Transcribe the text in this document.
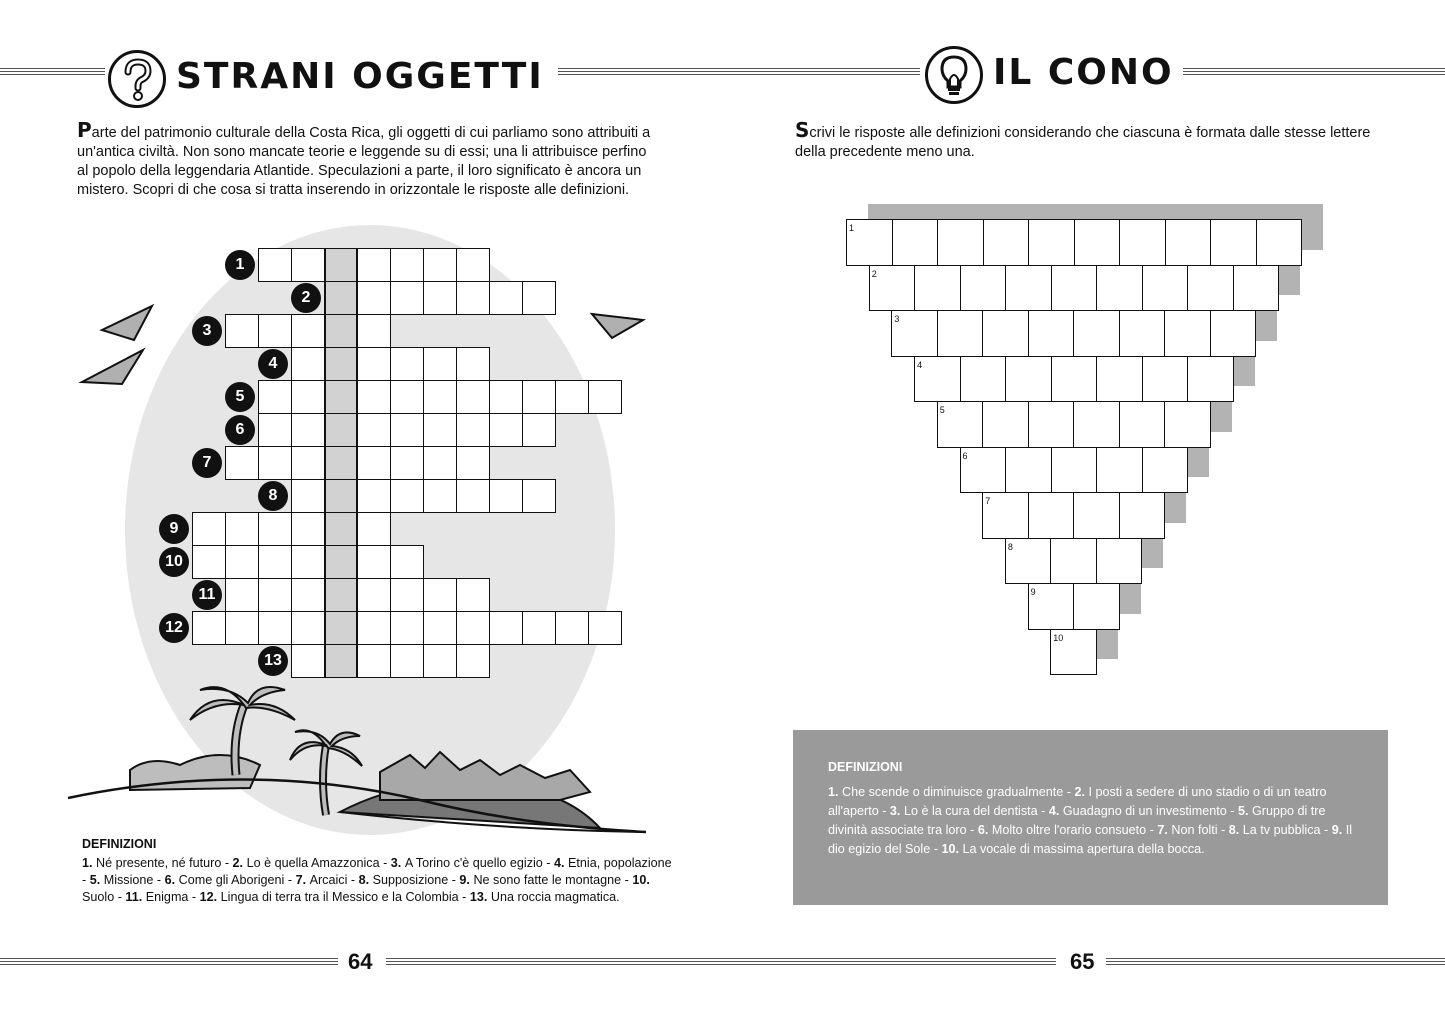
STRANI OGGETTI
Parte del patrimonio culturale della Costa Rica, gli oggetti di cui parliamo sono attribuiti a un'antica civiltà. Non sono mancate teorie e leggende su di essi; una li attribuisce perfino al popolo della leggendaria Atlantide. Speculazioni a parte, il loro significato è ancora un mistero. Scopri di che cosa si tratta inserendo in orizzontale le risposte alle definizioni.
1
2
3
4
5
6
7
8
9
10
11
12
13
DEFINIZIONI
1. Né presente, né futuro - 2. Lo è quella Amazzonica - 3. A Torino c'è quello egizio - 4. Etnia, popolazione - 5. Missione - 6. Come gli Aborigeni - 7. Arcaici - 8. Supposizione - 9. Ne sono fatte le montagne - 10. Suolo - 11. Enigma - 12. Lingua di terra tra il Messico e la Colombia - 13. Una roccia magmatica.
64
IL CONO
Scrivi le risposte alle definizioni considerando che ciascuna è formata dalle stesse lettere della precedente meno una.
1
2
3
4
5
6
7
8
9
10
DEFINIZIONI
1. Che scende o diminuisce gradualmente - 2. I posti a sedere di uno stadio o di un teatro all'aperto - 3. Lo è la cura del dentista - 4. Guadagno di un investimento - 5. Gruppo di tre divinità associate tra loro - 6. Molto oltre l'orario consueto - 7. Non folti - 8. La tv pubblica - 9. Il dio egizio del Sole - 10. La vocale di massima apertura della bocca.
65
